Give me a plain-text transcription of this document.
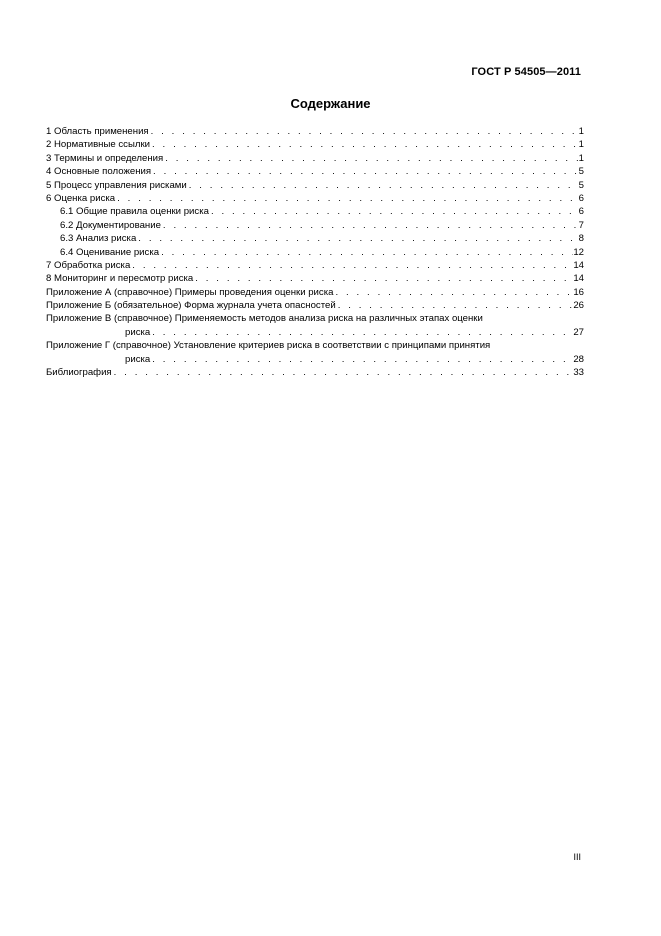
ГОСТ Р 54505—2011
Содержание
1 Область применения . . .	1
2 Нормативные ссылки . . .	1
3 Термины и определения . . .	1
4 Основные положения . . .	5
5 Процесс управления рисками . . .	5
6 Оценка риска . . .	6
6.1 Общие правила оценки риска . . .	6
6.2 Документирование . . .	7
6.3 Анализ риска . . .	8
6.4 Оценивание риска . . .	12
7 Обработка риска . . .	14
8 Мониторинг и пересмотр риска . . .	14
Приложение А (справочное) Примеры проведения оценки риска . . .	16
Приложение Б (обязательное) Форма журнала учета опасностей . . .	26
Приложение В (справочное) Применяемость методов анализа риска на различных этапах оценки
риска . . .	27
Приложение Г (справочное) Установление критериев риска в соответствии с принципами принятия
риска . . .	28
Библиография . . .	33
III
